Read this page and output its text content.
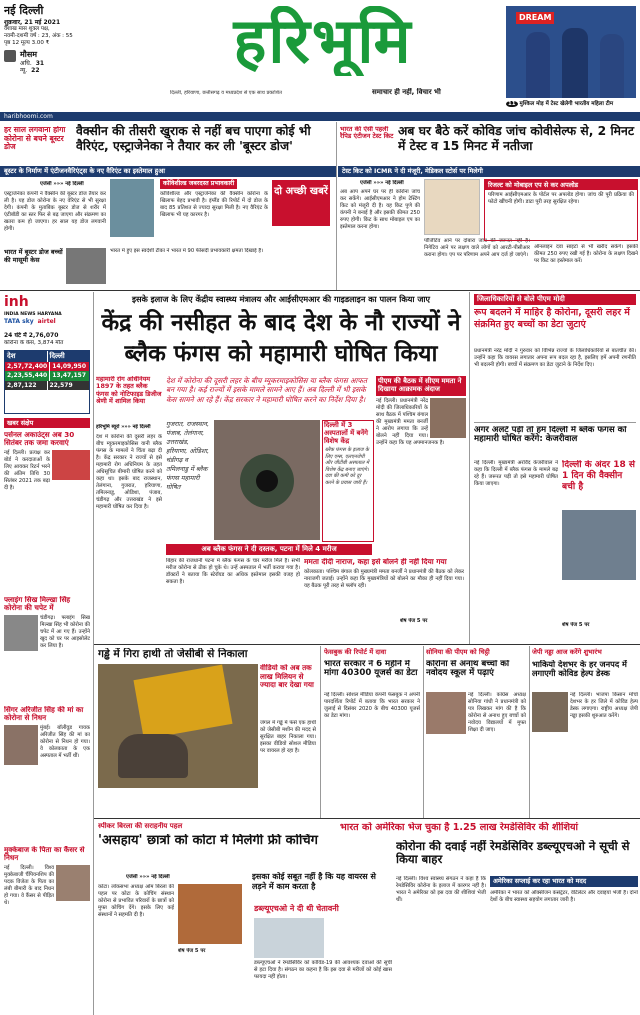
नई दिल्ली
शुक्रवार, 21 मई 2021
वैशाख मास शुक्ल पक्ष,
नवमी-दशमी वर्ष : 23, अंक : 55
पृष्ठ 12 मूल्य 3.00 ₹
मौसम
अधि. 31
न्यू. 22	हरिभूमि
दिल्ली, हरियाणा, छत्तीसगढ़ व मध्यप्रदेश से एक साथ प्रकाशित	समाचार ही नहीं, विचार भी
DREAM
11 मुश्किल मोड़ में टेस्ट खेलेगी भारतीय महिला टीम
haribhoomi.com
हर साल लगवाना होगा कोरोना से बचने बूस्टर डोज
वैक्सीन की तीसरी खुराक से नहीं बच पाएगा कोई भी वैरिएंट, एस्ट्राजेनेका ने तैयार कर ली 'बूस्टर डोज'
बूस्टर के निर्माण में एंटीजनवैरिएंट्स के नए वैरिएंट का इस्तेमाल हुआ
एजेंसी »»» नई दिल्ली
एस्ट्राजेनेका कंपनी ने वैक्सीन की बूस्टर डोज तैयार कर ली है। यह डोज कोरोना के नए वेरिएंट से भी सुरक्षा देगी। कंपनी के मुताबिक बूस्टर डोज से शरीर में एंटीबॉडी का स्तर फिर से बढ़ जाएगा और संक्रमण का खतरा कम हो जाएगा। हर साल यह डोज लगवानी होगी।
कोविशील्ड जबरदस्त प्रभावकारी
कोविशील्ड और एस्ट्राजेनेका की वैक्सीन कोरोना के खिलाफ बेहद प्रभावी है। इंग्लैंड की रिपोर्ट में दो डोज के बाद 85 प्रतिशत से ज्यादा सुरक्षा मिली है। नए वैरिएंट के खिलाफ भी यह कारगर है।
दो अच्छी खबरें
भारत में बूस्टर डोज बच्चों की मासूमी केस
भारत में हुए इस स्वदेशी टीका ने भारत में 90 फीसदी प्रभावकारी क्षमता दिखाई है।
भारत की ऐसी पहली रैपिड एंटीजन टेस्ट किट अब घर बैठे करें कोविड जांच कोवीसेल्फ से, 2 मिनट में टेस्ट व 15 मिनट में नतीजा
टेस्ट किट को ICMR ने दी मंजूरी, मेडिकल स्टोर्स पर मिलेगी
एजेंसी »»» नई दिल्ली
अब आप अपने घर पर ही कोरोना जांच कर सकेंगे। आईसीएमआर ने होम टेस्टिंग किट को मंजूरी दी है। यह किट पुणे की कंपनी ने बनाई है और इसकी कीमत 250 रुपए होगी। किट के साथ मोबाइल एप का इस्तेमाल करना होगा।
पॉजिटिव आने पर दोबारा जांच की जरूरत नहीं है। निगेटिव आने पर लक्षण वाले लोगों को आरटी-पीसीआर कराना होगा। एप पर परिणाम अपने आप दर्ज हो जाएंगे।
रिजल्ट को मोबाइल एप से कर अपलोड
परिणाम आईसीएमआर के पोर्टल पर अपलोड होगा। जांच की पूरी प्रक्रिया की फोटो खींचनी होगी। डाटा पूरी तरह सुरक्षित रहेगा।
ऑनलाइन दवा साइटों से भी खरीद सकेंगे। इसकी कीमत 250 रुपए रखी गई है। कोरोना के लक्षण दिखने पर किट का इस्तेमाल करें।
inh
INDIA NEWS HARYANA
TATA sky airtel
24 घंटे में 2,76,070
कोरोना के केस, 3,874 मौत
देश	दिल्ली
2,57,72,400 14,09,950
2,23,55,440 13,47,157
2,87,122	22,579
खबर संक्षेप
पर्सनल अकाउंट्स अब 30 सितंबर तक जमा करवाएं
नई दिल्ली। प्रत्यक्ष कर बोर्ड ने करदाताओं के लिए आयकर रिटर्न भरने की अंतिम तिथि 30 सितंबर 2021 तक बढ़ा दी है।
फ्लाइंग सिख मिल्खा सिंह कोरोना की चपेट में
चंडीगढ़। फ्लाइंग सिख मिल्खा सिंह भी कोरोना की चपेट में आ गए हैं। उन्होंने खुद को घर पर आइसोलेट कर लिया है।
सिंगर अरिजीत सिंह की मां का कोरोना से निधन
मुंबई। बॉलीवुड गायक अरिजीत सिंह की मां का कोरोना से निधन हो गया। वे कोलकाता के एक अस्पताल में भर्ती थीं।
मुक्केबाज के पिता का कैंसर से निधन
नई दिल्ली। विश्व मुक्केबाजी चैंपियनशिप की पदक विजेता के पिता का लंबी बीमारी के बाद निधन हो गया। वे कैंसर से पीड़ित थे।
इसके इलाज के लिए केंद्रीय स्वास्थ्य मंत्रालय और आईसीएमआर की गाइडलाइन का पालन किया जाए
केंद्र की नसीहत के बाद देश के नौ राज्यों ने ब्लैक फंगस को महामारी घोषित किया
महामारी रोग अधिनियम 1897 के तहत ब्लैक फंगस को नोटिफाइड डिजीज श्रेणी में शामिल किया
हरिभूमि ब्यूरो »»» नई दिल्ली
देश में कोरोना की दूसरी लहर के बीच म्यूकरमाइकोसिस यानी ब्लैक फंगस के मामलों ने चिंता बढ़ा दी है। केंद्र सरकार ने राज्यों से इसे महामारी रोग अधिनियम के तहत अधिसूचित बीमारी घोषित करने को कहा था। इसके बाद राजस्थान, तेलंगाना, गुजरात, हरियाणा, तमिलनाडु, ओडिशा, पंजाब, चंडीगढ़ और उत्तराखंड ने इसे महामारी घोषित कर दिया है।
देश में कोरोना की दूसरी लहर के बीच म्यूकरमाइकोसिस या ब्लैक फंगस आफत बन गया है। कई राज्यों में इसके मामले सामने आए हैं। अब दिल्ली में भी इसके केस सामने आ रहे हैं। केंद्र सरकार ने महामारी घोषित करने का निर्देश दिया है।
गुजरात, राजस्थान, पंजाब, तेलंगाना, उत्तराखंड, हरियाणा, ओडिशा, चंडीगढ़ व तमिलनाडु में ब्लैक फंगस महामारी घोषित
दिल्ली में 3 अस्पतालों में बनेंगे विशेष केंद्र
ब्लैक फंगस के इलाज के लिए एम्स, एलएनजेपी और जीटीबी अस्पताल में विशेष केंद्र बनाए जाएंगे। दवा की कमी को दूर करने के प्रयास जारी हैं।
अब ब्लैक फंगस ने दी दस्तक, पटना में मिले 4 मरीज
बिहार की राजधानी पटना में ब्लैक फंगस के चार मरीज मिले हैं। सभी मरीज कोरोना से ठीक हो चुके थे। उन्हें अस्पताल में भर्ती कराया गया है। डॉक्टरों ने बताया कि स्टेरॉयड का अधिक इस्तेमाल इसकी वजह हो सकता है।
ममता दीदी नाराज, कहा इसे बोलने ही नहीं दिया गया
कोलकाता। पश्चिम बंगाल की मुख्यमंत्री ममता बनर्जी ने प्रधानमंत्री की बैठक को लेकर नाराजगी जताई। उन्होंने कहा कि मुख्यमंत्रियों को बोलने का मौका ही नहीं दिया गया। यह बैठक पूरी तरह से फ्लॉप रही।
पीएम की बैठक में सीएम ममता ने दिखाया आक्रामक अंदाज
नई दिल्ली। प्रधानमंत्री नरेंद्र मोदी की जिलाधिकारियों के साथ बैठक में पश्चिम बंगाल की मुख्यमंत्री ममता बनर्जी ने आरोप लगाया कि उन्हें बोलने नहीं दिया गया। उन्होंने कहा कि यह अपमानजनक है।
शेष पेज 5 पर
जिलाधिकारियों से बोले पीएम मोदी
रूप बदलने में माहिर है कोरोना, दूसरी लहर में संक्रमित हुए बच्चों का डेटा जुटाएं
प्रधानमंत्री नरेंद्र मोदी ने गुरुवार को विभिन्न राज्यों के जिलाधिकारियों से बातचीत की। उन्होंने कहा कि वायरस लगातार अपना रूप बदल रहा है, इसलिए हमें अपनी रणनीति भी बदलनी होगी। बच्चों में संक्रमण का डेटा जुटाने के निर्देश दिए।
अगर अलर्ट पड़ी तो हम दिल्ली में ब्लैक फंगस को महामारी घोषित करेंगे: केजरीवाल
नई दिल्ली। मुख्यमंत्री अरविंद केजरीवाल ने कहा कि दिल्ली में ब्लैक फंगस के मामले बढ़ रहे हैं। जरूरत पड़ी तो इसे महामारी घोषित किया जाएगा।
दिल्ली के अंदर 18 से 1 दिन की वैक्सीन बची है
शेष पेज 5 पर
गड्ढे में गिरा हाथी तो जेसीबी से निकाला
वीडियो को अब तक लाख मिलियन से ज्यादा बार देखा गया
जंगल में गड्ढे में फंसे एक हाथी को जेसीबी मशीन की मदद से सुरक्षित बाहर निकाला गया। इसका वीडियो सोशल मीडिया पर वायरल हो रहा है।
फेसबुक की रिपोर्ट में दावा
भारत सरकार ने 6 महीने में मांगा 40300 यूजर्स का डेटा
नई दिल्ली। सोशल मीडिया कंपनी फेसबुक ने अपनी पारदर्शिता रिपोर्ट में बताया कि भारत सरकार ने जुलाई से दिसंबर 2020 के बीच 40300 यूजर्स का डेटा मांगा।
सोनिया की पीएम को चिट्ठी
कोरोना से अनाथ बच्चों को नवोदय स्कूल में पढ़ाएं
नई दिल्ली। कांग्रेस अध्यक्ष सोनिया गांधी ने प्रधानमंत्री को पत्र लिखकर मांग की है कि कोरोना से अनाथ हुए बच्चों को नवोदय विद्यालयों में मुफ्त शिक्षा दी जाए।
जेपी नड्डा आज करेंगे शुभारंभ
भाकियो देशभर के हर जनपद में लगाएगी कोविड हेल्प डेस्क
नई दिल्ली। भाजपा किसान मोर्चा देशभर के हर जिले में कोविड हेल्प डेस्क लगाएगा। राष्ट्रीय अध्यक्ष जेपी नड्डा इसकी शुरुआत करेंगे।
स्पीकर बिरला की सराहनीय पहल
'असहाय' छात्रों को कोटा में मिलेगी फ्री कोचिंग
एजेंसी »»» नई दिल्ली
कोटा। लोकसभा अध्यक्ष ओम बिरला की पहल पर कोटा के कोचिंग संस्थान कोरोना से प्रभावित परिवारों के छात्रों को मुफ्त कोचिंग देंगे। इसके लिए कई संस्थानों ने सहमति दी है।
शेष पेज 5 पर
इसका कोई सबूत नहीं है कि यह वायरस से लड़ने में काम करता है
भारत को अमेरिका भेज चुका है 1.25 लाख रेमडेसिविर की शीशियां
कोरोना की दवाई नहीं रेमडेसिविर डब्ल्यूएचओ ने सूची से किया बाहर
डब्ल्यूएचओ ने दी थी चेतावनी
डब्ल्यूएचओ ने रेमडेसिविर को कोविड-19 की आवश्यक दवाओं की सूची से हटा दिया है। संगठन का कहना है कि इस दवा से मरीजों को कोई खास फायदा नहीं होता।
नई दिल्ली। विश्व स्वास्थ्य संगठन ने कहा है कि रेमडेसिविर कोरोना के इलाज में कारगर नहीं है। भारत ने अमेरिका को इस दवा की शीशियां भेजी थीं।
अमेरिका सप्लाई कर रहा भारत को मदद
अमेरिका ने भारत को ऑक्सीजन कंसंट्रेटर, वेंटिलेटर और दवाइयां भेजी हैं। दोनों देशों के बीच स्वास्थ्य सहयोग लगातार जारी है।
